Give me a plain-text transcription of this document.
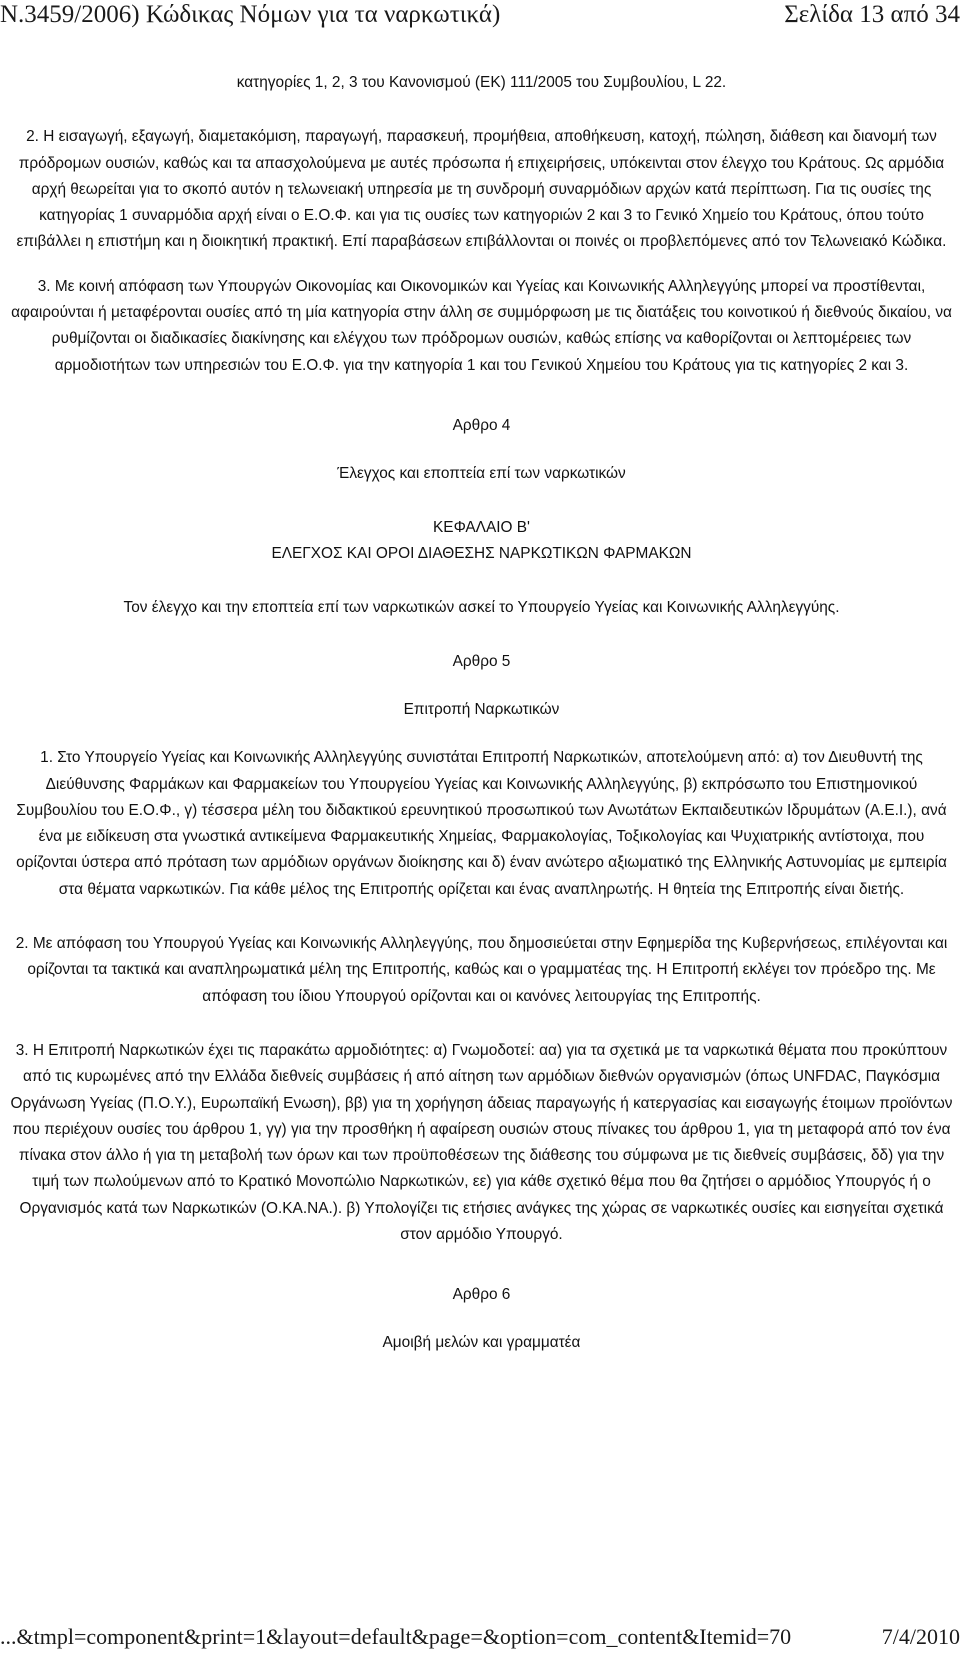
N.3459/2006) Κώδικας Νόμων για τα ναρκωτικά)	Σελίδα 13 από 34

κατηγορίες 1, 2, 3 του Κανονισμού (ΕΚ) 111/2005 του Συμβουλίου, L 22.

2. Η εισαγωγή, εξαγωγή, διαμετακόμιση, παραγωγή, παρασκευή, προμήθεια, αποθήκευση, κατοχή, πώληση, διάθεση και διανομή των πρόδρομων ουσιών, καθώς και τα απασχολούμενα με αυτές πρόσωπα ή επιχειρήσεις, υπόκεινται στον έλεγχο του Κράτους. Ως αρμόδια αρχή θεωρείται για το σκοπό αυτόν η τελωνειακή υπηρεσία με τη συνδρομή συναρμόδιων αρχών κατά περίπτωση. Για τις ουσίες της κατηγορίας 1 συναρμόδια αρχή είναι ο Ε.Ο.Φ. και για τις ουσίες των κατηγοριών 2 και 3 το Γενικό Χημείο του Κράτους, όπου τούτο επιβάλλει η επιστήμη και η διοικητική πρακτική. Επί παραβάσεων επιβάλλονται οι ποινές οι προβλεπόμενες από τον Τελωνειακό Κώδικα.

3. Με κοινή απόφαση των Υπουργών Οικονομίας και Οικονομικών και Υγείας και Κοινωνικής Αλληλεγγύης μπορεί να προστίθενται, αφαιρούνται ή μεταφέρονται ουσίες από τη μία κατηγορία στην άλλη σε συμμόρφωση με τις διατάξεις του κοινοτικού ή διεθνούς δικαίου, να ρυθμίζονται οι διαδικασίες διακίνησης και ελέγχου των πρόδρομων ουσιών, καθώς επίσης να καθορίζονται οι λεπτομέρειες των αρμοδιοτήτων των υπηρεσιών του Ε.Ο.Φ. για την κατηγορία 1 και του Γενικού Χημείου του Κράτους για τις κατηγορίες 2 και 3.

Αρθρο 4

Έλεγχος και εποπτεία επί των ναρκωτικών

ΚΕΦΑΛΑΙΟ Β'

ΕΛΕΓΧΟΣ ΚΑΙ ΟΡΟΙ ΔΙΑΘΕΣΗΣ ΝΑΡΚΩΤΙΚΩΝ ΦΑΡΜΑΚΩΝ

Τον έλεγχο και την εποπτεία επί των ναρκωτικών ασκεί το Υπουργείο Υγείας και Κοινωνικής Αλληλεγγύης.

Αρθρο 5

Επιτροπή Ναρκωτικών

1. Στο Υπουργείο Υγείας και Κοινωνικής Αλληλεγγύης συνιστάται Επιτροπή Ναρκωτικών, αποτελούμενη από: α) τον Διευθυντή της Διεύθυνσης Φαρμάκων και Φαρμακείων του Υπουργείου Υγείας και Κοινωνικής Αλληλεγγύης, β) εκπρόσωπο του Επιστημονικού Συμβουλίου του Ε.Ο.Φ., γ) τέσσερα μέλη του διδακτικού ερευνητικού προσωπικού των Ανωτάτων Εκπαιδευτικών Ιδρυμάτων (Α.Ε.Ι.), ανά ένα με ειδίκευση στα γνωστικά αντικείμενα Φαρμακευτικής Χημείας, Φαρμακολογίας, Τοξικολογίας και Ψυχιατρικής αντίστοιχα, που ορίζονται ύστερα από πρόταση των αρμόδιων οργάνων διοίκησης και δ) έναν ανώτερο αξιωματικό της Ελληνικής Αστυνομίας με εμπειρία στα θέματα ναρκωτικών. Για κάθε μέλος της Επιτροπής ορίζεται και ένας αναπληρωτής. Η θητεία της Επιτροπής είναι διετής.

2. Με απόφαση του Υπουργού Υγείας και Κοινωνικής Αλληλεγγύης, που δημοσιεύεται στην Εφημερίδα της Κυβερνήσεως, επιλέγονται και ορίζονται τα τακτικά και αναπληρωματικά μέλη της Επιτροπής, καθώς και ο γραμματέας της. Η Επιτροπή εκλέγει τον πρόεδρο της. Με απόφαση του ίδιου Υπουργού ορίζονται και οι κανόνες λειτουργίας της Επιτροπής.

3. Η Επιτροπή Ναρκωτικών έχει τις παρακάτω αρμοδιότητες: α) Γνωμοδοτεί: αα) για τα σχετικά με τα ναρκωτικά θέματα που προκύπτουν από τις κυρωμένες από την Ελλάδα διεθνείς συμβάσεις ή από αίτηση των αρμόδιων διεθνών οργανισμών (όπως UNFDAC, Παγκόσμια Οργάνωση Υγείας (Π.Ο.Υ.), Ευρωπαϊκή Ενωση), ββ) για τη χορήγηση άδειας παραγωγής ή κατεργασίας και εισαγωγής έτοιμων προϊόντων που περιέχουν ουσίες του άρθρου 1, γγ) για την προσθήκη ή αφαίρεση ουσιών στους πίνακες του άρθρου 1, για τη μεταφορά από τον ένα πίνακα στον άλλο ή για τη μεταβολή των όρων και των προϋποθέσεων της διάθεσης του σύμφωνα με τις διεθνείς συμβάσεις, δδ) για την τιμή των πωλούμενων από το Κρατικό Μονοπώλιο Ναρκωτικών, εε) για κάθε σχετικό θέμα που θα ζητήσει ο αρμόδιος Υπουργός ή ο Οργανισμός κατά των Ναρκωτικών (Ο.ΚΑ.ΝΑ.). β) Υπολογίζει τις ετήσιες ανάγκες της χώρας σε ναρκωτικές ουσίες και εισηγείται σχετικά στον αρμόδιο Υπουργό.

Αρθρο 6

Αμοιβή μελών και γραμματέα

...&tmpl=component&print=1&layout=default&page=&option=com_content&Itemid=70	7/4/2010
